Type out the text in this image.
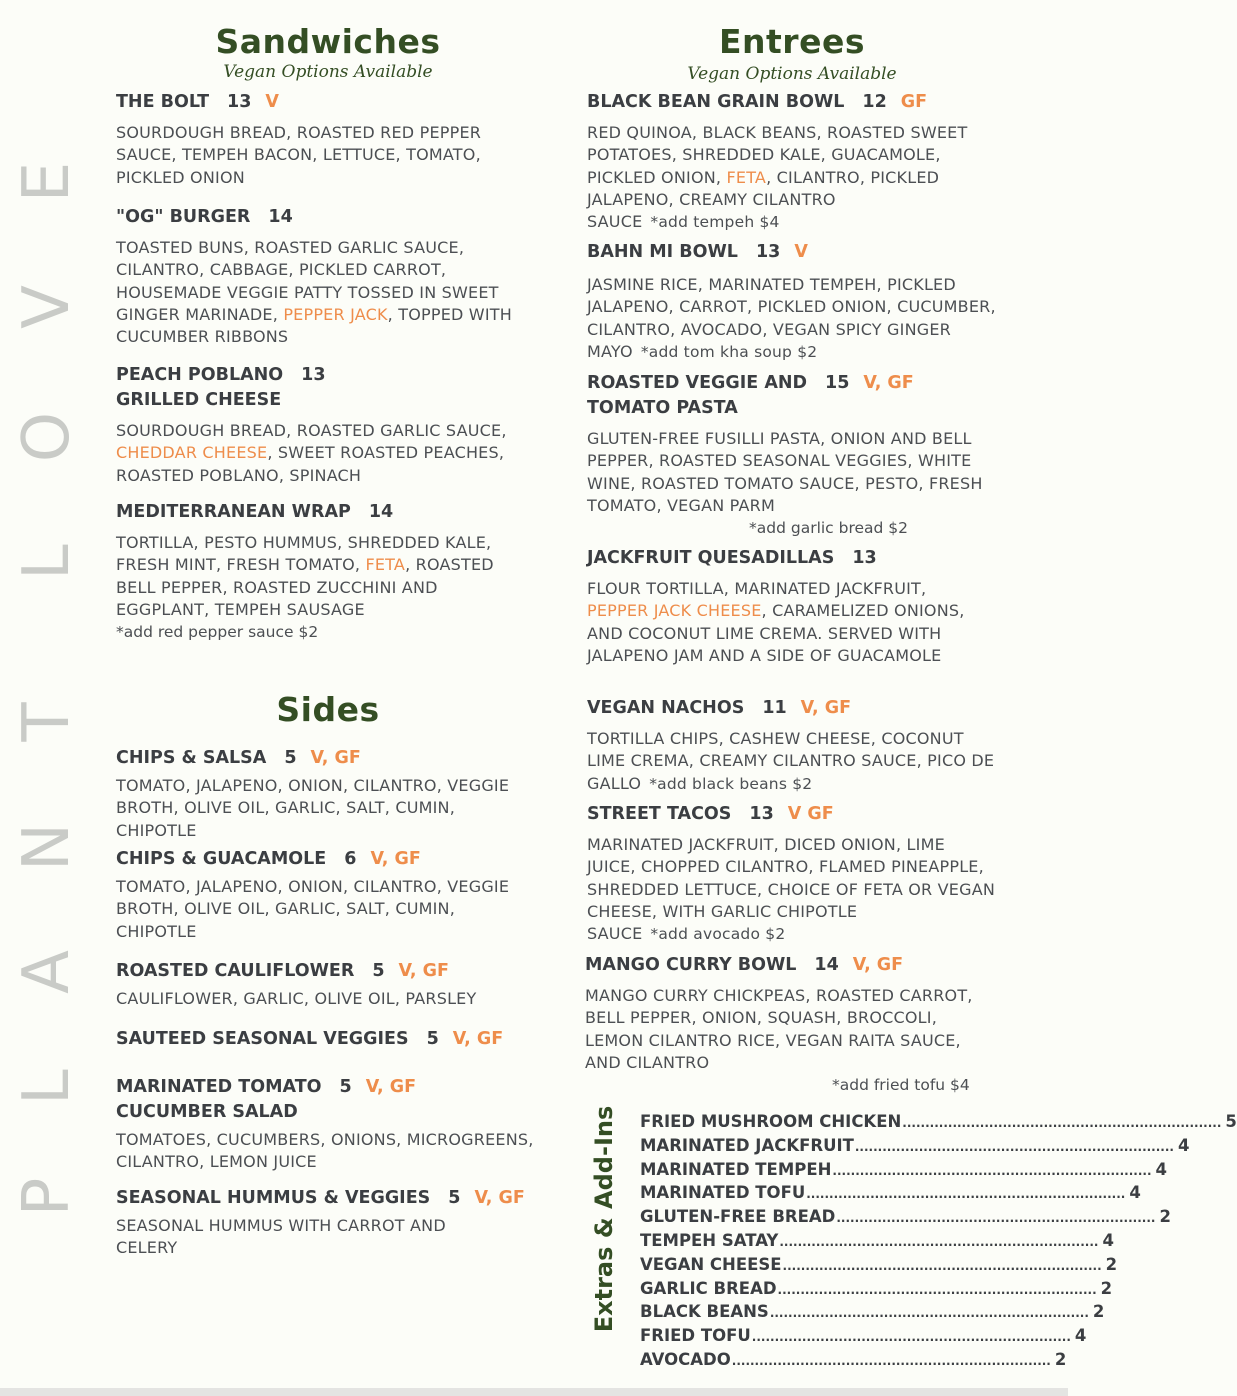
E
V
O
L
T
N
A
L
P
Sandwiches
Vegan Options Available
THE BOLT 13 V
SOURDOUGH BREAD, ROASTED RED PEPPER SAUCE, TEMPEH BACON, LETTUCE, TOMATO, PICKLED ONION
"OG" BURGER 14
TOASTED BUNS, ROASTED GARLIC SAUCE, CILANTRO, CABBAGE, PICKLED CARROT, HOUSEMADE VEGGIE PATTY TOSSED IN SWEET GINGER MARINADE, PEPPER JACK, TOPPED WITH CUCUMBER RIBBONS
PEACH POBLANO 13
GRILLED CHEESE
SOURDOUGH BREAD, ROASTED GARLIC SAUCE, CHEDDAR CHEESE, SWEET ROASTED PEACHES, ROASTED POBLANO, SPINACH
MEDITERRANEAN WRAP 14
TORTILLA, PESTO HUMMUS, SHREDDED KALE, FRESH MINT, FRESH TOMATO, FETA, ROASTED BELL PEPPER, ROASTED ZUCCHINI AND EGGPLANT, TEMPEH SAUSAGE
*add red pepper sauce $2
Sides
CHIPS & SALSA 5 V, GF
TOMATO, JALAPENO, ONION, CILANTRO, VEGGIE BROTH, OLIVE OIL, GARLIC, SALT, CUMIN, CHIPOTLE
CHIPS & GUACAMOLE 6 V, GF
TOMATO, JALAPENO, ONION, CILANTRO, VEGGIE BROTH, OLIVE OIL, GARLIC, SALT, CUMIN, CHIPOTLE
ROASTED CAULIFLOWER 5 V, GF
CAULIFLOWER, GARLIC, OLIVE OIL, PARSLEY
SAUTEED SEASONAL VEGGIES 5 V, GF
MARINATED TOMATO 5 V, GF
CUCUMBER SALAD
TOMATOES, CUCUMBERS, ONIONS, MICROGREENS, CILANTRO, LEMON JUICE
SEASONAL HUMMUS & VEGGIES 5 V, GF
SEASONAL HUMMUS WITH CARROT AND CELERY
Entrees
Vegan Options Available
BLACK BEAN GRAIN BOWL 12 GF
RED QUINOA, BLACK BEANS, ROASTED SWEET POTATOES, SHREDDED KALE, GUACAMOLE, PICKLED ONION, FETA, CILANTRO, PICKLED JALAPENO, CREAMY CILANTRO SAUCE *add tempeh $4
BAHN MI BOWL 13 V
JASMINE RICE, MARINATED TEMPEH, PICKLED JALAPENO, CARROT, PICKLED ONION, CUCUMBER, CILANTRO, AVOCADO, VEGAN SPICY GINGER MAYO *add tom kha soup $2
ROASTED VEGGIE AND 15 V, GF
TOMATO PASTA
GLUTEN-FREE FUSILLI PASTA, ONION AND BELL PEPPER, ROASTED SEASONAL VEGGIES, WHITE WINE, ROASTED TOMATO SAUCE, PESTO, FRESH TOMATO, VEGAN PARM
*add garlic bread $2
JACKFRUIT QUESADILLAS 13
FLOUR TORTILLA, MARINATED JACKFRUIT, PEPPER JACK CHEESE, CARAMELIZED ONIONS, AND COCONUT LIME CREMA. SERVED WITH JALAPENO JAM AND A SIDE OF GUACAMOLE
VEGAN NACHOS 11 V, GF
TORTILLA CHIPS, CASHEW CHEESE, COCONUT LIME CREMA, CREAMY CILANTRO SAUCE, PICO DE GALLO *add black beans $2
STREET TACOS 13 V GF
MARINATED JACKFRUIT, DICED ONION, LIME JUICE, CHOPPED CILANTRO, FLAMED PINEAPPLE, SHREDDED LETTUCE, CHOICE OF FETA OR VEGAN CHEESE, WITH GARLIC CHIPOTLE SAUCE *add avocado $2
MANGO CURRY BOWL 14 V, GF
MANGO CURRY CHICKPEAS, ROASTED CARROT, BELL PEPPER, ONION, SQUASH, BROCCOLI, LEMON CILANTRO RICE, VEGAN RAITA SAUCE, AND CILANTRO
*add fried tofu $4
Extras & Add-Ins FRIED MUSHROOM CHICKEN ...................................................................... 5
MARINATED JACKFRUIT ...................................................................... 4
MARINATED TEMPEH ...................................................................... 4
MARINATED TOFU ...................................................................... 4
GLUTEN-FREE BREAD ...................................................................... 2
TEMPEH SATAY ...................................................................... 4
VEGAN CHEESE ...................................................................... 2
GARLIC BREAD ...................................................................... 2
BLACK BEANS ...................................................................... 2
FRIED TOFU ...................................................................... 4
AVOCADO ...................................................................... 2
